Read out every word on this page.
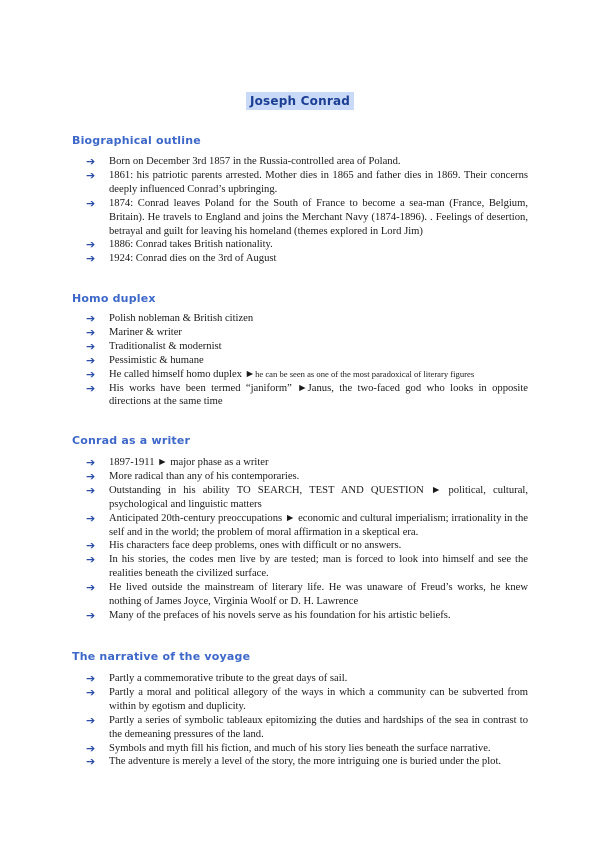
Joseph Conrad
Biographical outline
➔ Born on December 3rd 1857 in the Russia-controlled area of Poland.
➔ 1861: his patriotic parents arrested. Mother dies in 1865 and father dies in 1869. Their concerns deeply influenced Conrad’s upbringing.
➔ 1874: Conrad leaves Poland for the South of France to become a sea-man (France, Belgium, Britain). He travels to England and joins the Merchant Navy (1874-1896). . Feelings of desertion, betrayal and guilt for leaving his homeland (themes explored in Lord Jim)
➔ 1886: Conrad takes British nationality.
➔ 1924: Conrad dies on the 3rd of August
Homo duplex
➔ Polish nobleman & British citizen
➔ Mariner & writer
➔ Traditionalist & modernist
➔ Pessimistic & humane
➔ He called himself homo duplex ►he can be seen as one of the most paradoxical of literary figures
➔ His works have been termed “janiform” ►Janus, the two-faced god who looks in opposite directions at the same time
Conrad as a writer
➔ 1897-1911 ► major phase as a writer
➔ More radical than any of his contemporaries.
➔ Outstanding in his ability TO SEARCH, TEST AND QUESTION ► political, cultural, psychological and linguistic matters
➔ Anticipated 20th-century preoccupations ► economic and cultural imperialism; irrationality in the self and in the world; the problem of moral affirmation in a skeptical era.
➔ His characters face deep problems, ones with difficult or no answers.
➔ In his stories, the codes men live by are tested; man is forced to look into himself and see the realities beneath the civilized surface.
➔ He lived outside the mainstream of literary life. He was unaware of Freud’s works, he knew nothing of James Joyce, Virginia Woolf or D. H. Lawrence
➔ Many of the prefaces of his novels serve as his foundation for his artistic beliefs.
The narrative of the voyage
➔ Partly a commemorative tribute to the great days of sail.
➔ Partly a moral and political allegory of the ways in which a community can be subverted from within by egotism and duplicity.
➔ Partly a series of symbolic tableaux epitomizing the duties and hardships of the sea in contrast to the demeaning pressures of the land.
➔ Symbols and myth fill his fiction, and much of his story lies beneath the surface narrative.
➔ The adventure is merely a level of the story, the more intriguing one is buried under the plot.
